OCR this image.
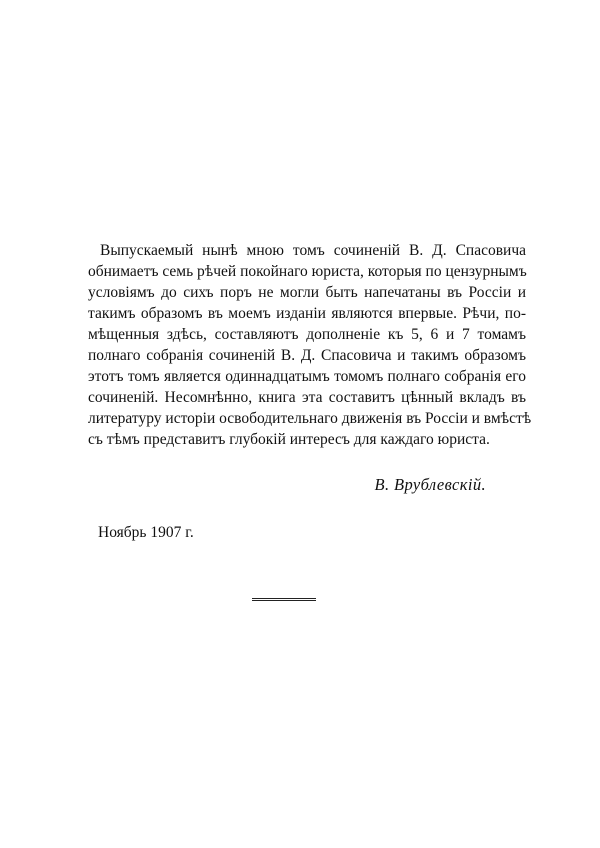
Выпускаемый нынѣ мною томъ сочиненій В. Д. Спасовича
обнимаетъ семь рѣчей покойнаго юриста, которыя по цензурнымъ
условіямъ до сихъ поръ не могли быть напечатаны въ Россіи и
такимъ образомъ въ моемъ изданіи являются впервые. Рѣчи, по-
мѣщенныя здѣсь, составляютъ дополненіе къ 5, 6 и 7 томамъ
полнаго собранія сочиненій В. Д. Спасовича и такимъ образомъ
этотъ томъ является одиннадцатымъ томомъ полнаго собранія его
сочиненій. Несомнѣнно, книга эта составитъ цѣнный вкладъ въ
литературу исторіи освободительнаго движенія въ Россіи и вмѣстѣ
съ тѣмъ представитъ глубокій интересъ для каждаго юриста.

В. Врублевскій.

Ноябрь 1907 г.
